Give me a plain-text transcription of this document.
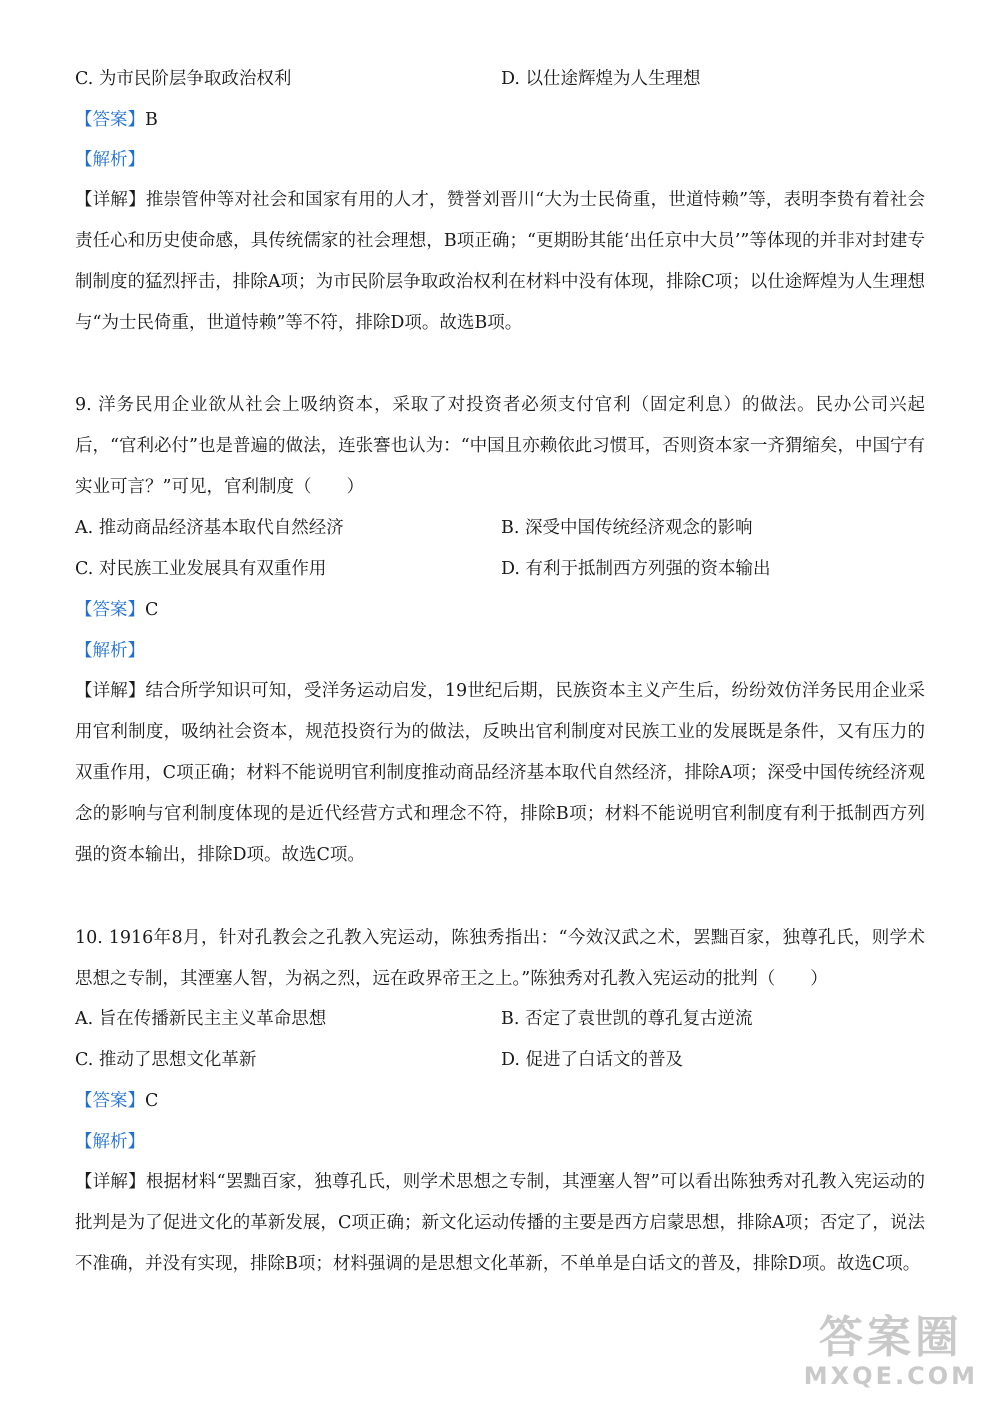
C. 为市民阶层争取政治权利	D. 以仕途辉煌为人生理想
【答案】B
【解析】
【详解】推崇管仲等对社会和国家有用的人才，赞誉刘晋川“大为士民倚重，世道恃赖”等，表明李贽有着社会责任心和历史使命感，具传统儒家的社会理想，B项正确；“更期盼其能‘出任京中大员’”等体现的并非对封建专制制度的猛烈抨击，排除A项；为市民阶层争取政治权利在材料中没有体现，排除C项；以仕途辉煌为人生理想与“为士民倚重，世道恃赖”等不符，排除D项。故选B项。
9. 洋务民用企业欲从社会上吸纳资本，采取了对投资者必须支付官利（固定利息）的做法。民办公司兴起后，“官利必付”也是普遍的做法，连张謇也认为：“中国且亦赖依此习惯耳，否则资本家一齐猬缩矣，中国宁有实业可言？”可见，官利制度（　　）
A. 推动商品经济基本取代自然经济	B. 深受中国传统经济观念的影响
C. 对民族工业发展具有双重作用	D. 有利于抵制西方列强的资本输出
【答案】C
【解析】
【详解】结合所学知识可知，受洋务运动启发，19世纪后期，民族资本主义产生后，纷纷效仿洋务民用企业采用官利制度，吸纳社会资本，规范投资行为的做法，反映出官利制度对民族工业的发展既是条件，又有压力的双重作用，C项正确；材料不能说明官利制度推动商品经济基本取代自然经济，排除A项；深受中国传统经济观念的影响与官利制度体现的是近代经营方式和理念不符，排除B项；材料不能说明官利制度有利于抵制西方列强的资本输出，排除D项。故选C项。
10. 1916年8月，针对孔教会之孔教入宪运动，陈独秀指出：“今效汉武之术，罢黜百家，独尊孔氏，则学术思想之专制，其湮塞人智，为祸之烈，远在政界帝王之上。”陈独秀对孔教入宪运动的批判（　　）
A. 旨在传播新民主主义革命思想	B. 否定了袁世凯的尊孔复古逆流
C. 推动了思想文化革新	D. 促进了白话文的普及
【答案】C
【解析】
【详解】根据材料“罢黜百家，独尊孔氏，则学术思想之专制，其湮塞人智”可以看出陈独秀对孔教入宪运动的批判是为了促进文化的革新发展，C项正确；新文化运动传播的主要是西方启蒙思想，排除A项；否定了，说法不准确，并没有实现，排除B项；材料强调的是思想文化革新，不单单是白话文的普及，排除D项。故选C项。
答案圈
MXQE.COM
